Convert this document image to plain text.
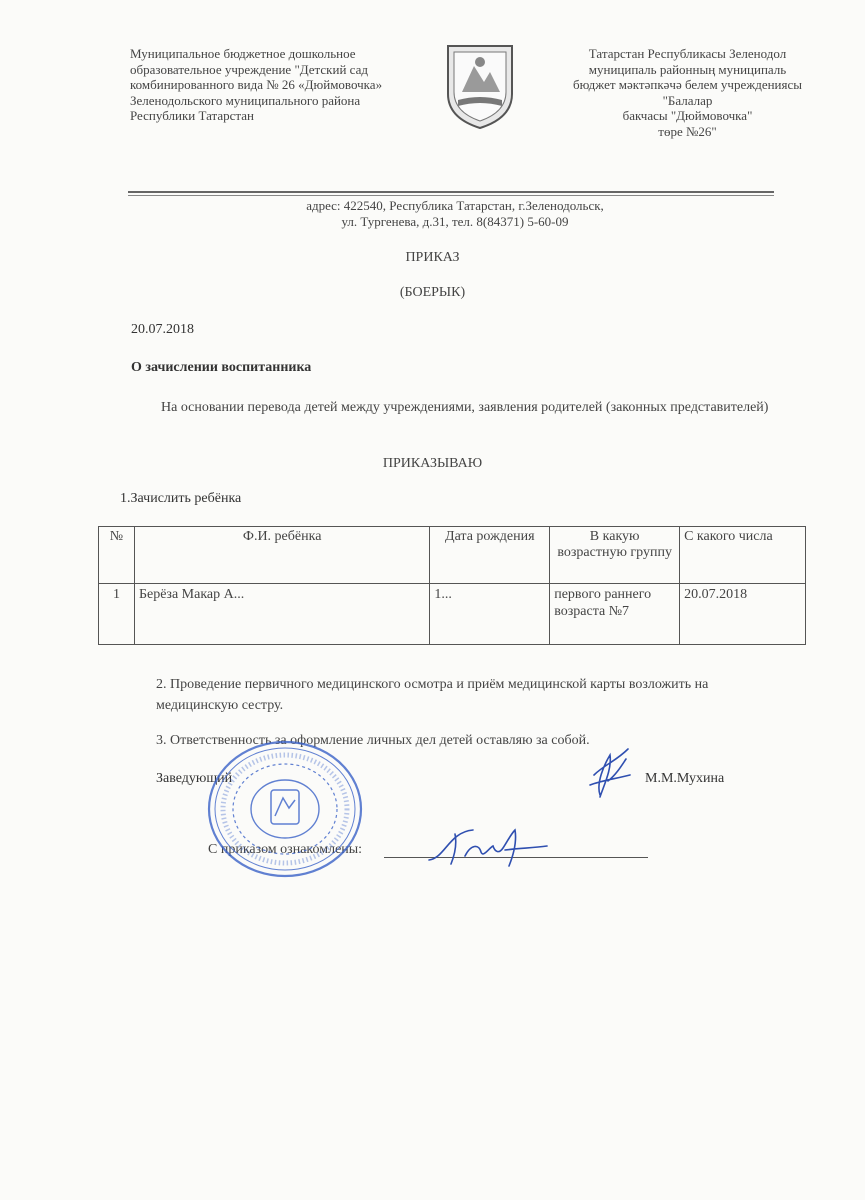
Муниципальное бюджетное дошкольное
образовательное учреждение "Детский сад
комбинированного вида № 26 «Дюймовочка»
Зеленодольского муниципального района
Республики Татарстан
Татарстан Республикасы Зеленодол
муниципаль районның муниципаль
бюджет мәктәпкәчә белем учреждениясы "Балалар
бакчасы "Дюймовочка"
төре №26"
адрес: 422540, Республика Татарстан, г.Зеленодольск,
ул. Тургенева, д.31, тел. 8(84371) 5-60-09
ПРИКАЗ
(БОЕРЫК)
20.07.2018
О зачислении воспитанника
На основании перевода детей между учреждениями, заявления родителей (законных представителей)
ПРИКАЗЫВАЮ
1.Зачислить ребёнка
№	Ф.И. ребёнка	Дата рождения	В какую возрастную группу	С какого числа
1	Берёза Макар А...	1...	первого раннего возраста №7	20.07.2018
2. Проведение первичного медицинского осмотра и приём медицинской карты возложить на медицинскую сестру.
3. Ответственность за оформление личных дел детей оставляю за собой.
Заведующий	М.М.Мухина
С приказом ознакомлены:
